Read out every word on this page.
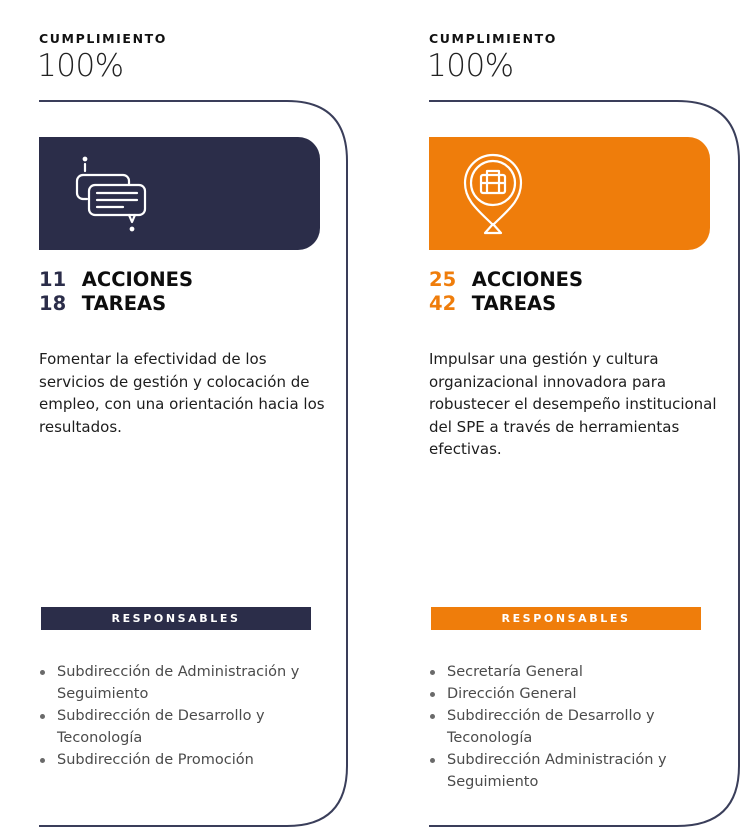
CUMPLIMIENTO
100%
11 ACCIONES
18 TAREAS
Fomentar la efectividad de los servicios de gestión y colocación de empleo, con una orientación hacia los resultados.
RESPONSABLES
Subdirección de Administración y Seguimiento
Subdirección de Desarrollo y Teconología
Subdirección de Promoción
CUMPLIMIENTO
100%
25 ACCIONES
42 TAREAS
Impulsar una gestión y cultura organizacional innovadora para robustecer el desempeño institucional del SPE a través de herramientas efectivas.
RESPONSABLES
Secretaría General
Dirección General
Subdirección de Desarrollo y Teconología
Subdirección Administración y Seguimiento
